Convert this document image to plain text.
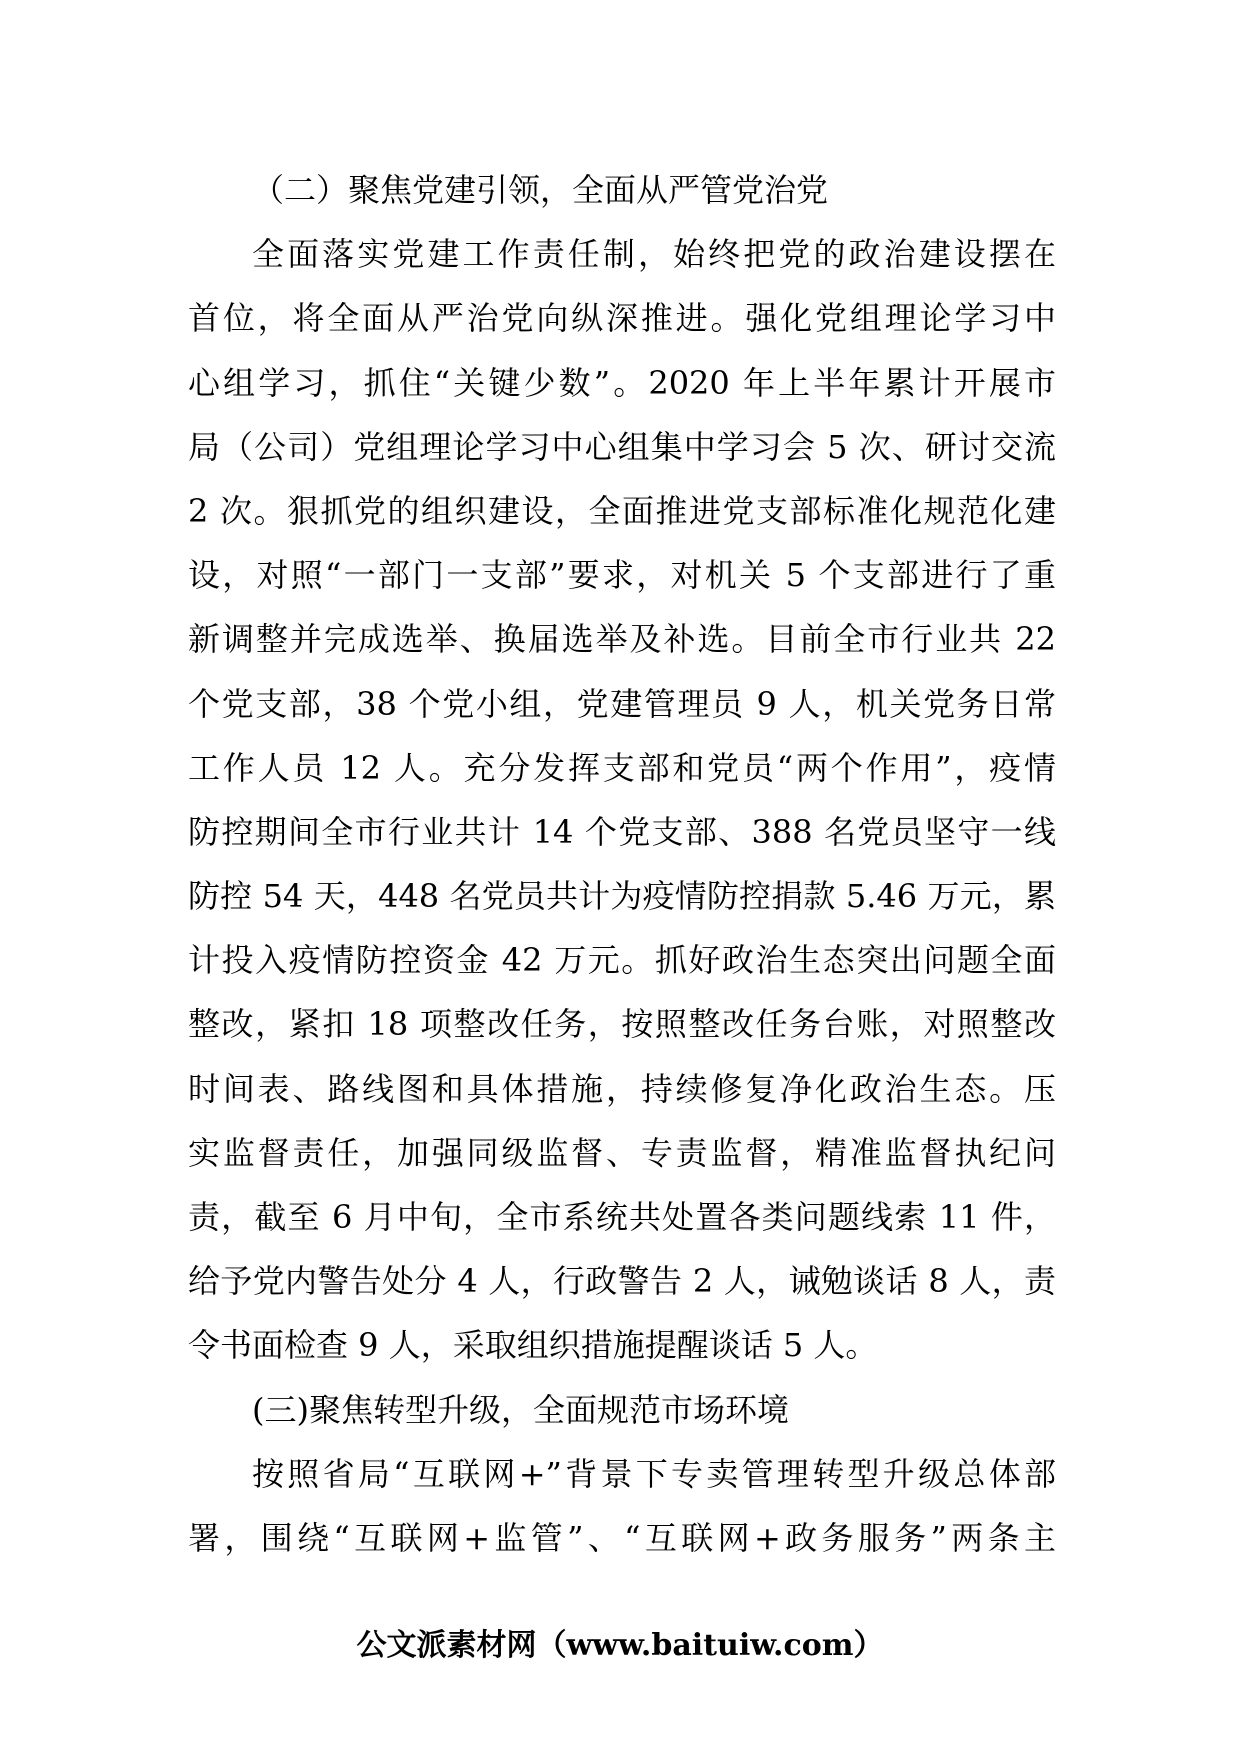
（二）聚焦党建引领，全面从严管党治党
全面落实党建工作责任制，始终把党的政治建设摆在
首位，将全面从严治党向纵深推进。强化党组理论学习中
心组学习，抓住“关键少数”。2020 年上半年累计开展市
局（公司）党组理论学习中心组集中学习会 5 次、研讨交流
2 次。狠抓党的组织建设，全面推进党支部标准化规范化建
设，对照“一部门一支部”要求，对机关 5 个支部进行了重
新调整并完成选举、换届选举及补选。目前全市行业共 22
个党支部，38 个党小组，党建管理员 9 人，机关党务日常
工作人员 12 人。充分发挥支部和党员“两个作用”，疫情
防控期间全市行业共计 14 个党支部、388 名党员坚守一线
防控 54 天，448 名党员共计为疫情防控捐款 5.46 万元，累
计投入疫情防控资金 42 万元。抓好政治生态突出问题全面
整改，紧扣 18 项整改任务，按照整改任务台账，对照整改
时间表、路线图和具体措施，持续修复净化政治生态。压
实监督责任，加强同级监督、专责监督，精准监督执纪问
责，截至 6 月中旬，全市系统共处置各类问题线索 11 件，
给予党内警告处分 4 人，行政警告 2 人，诫勉谈话 8 人，责
令书面检查 9 人，采取组织措施提醒谈话 5 人。
(三)聚焦转型升级，全面规范市场环境
按照省局“互联网+”背景下专卖管理转型升级总体部
署，围绕“互联网+监管”、“互联网+政务服务”两条主
公文派素材网（www.baituiw.com）
